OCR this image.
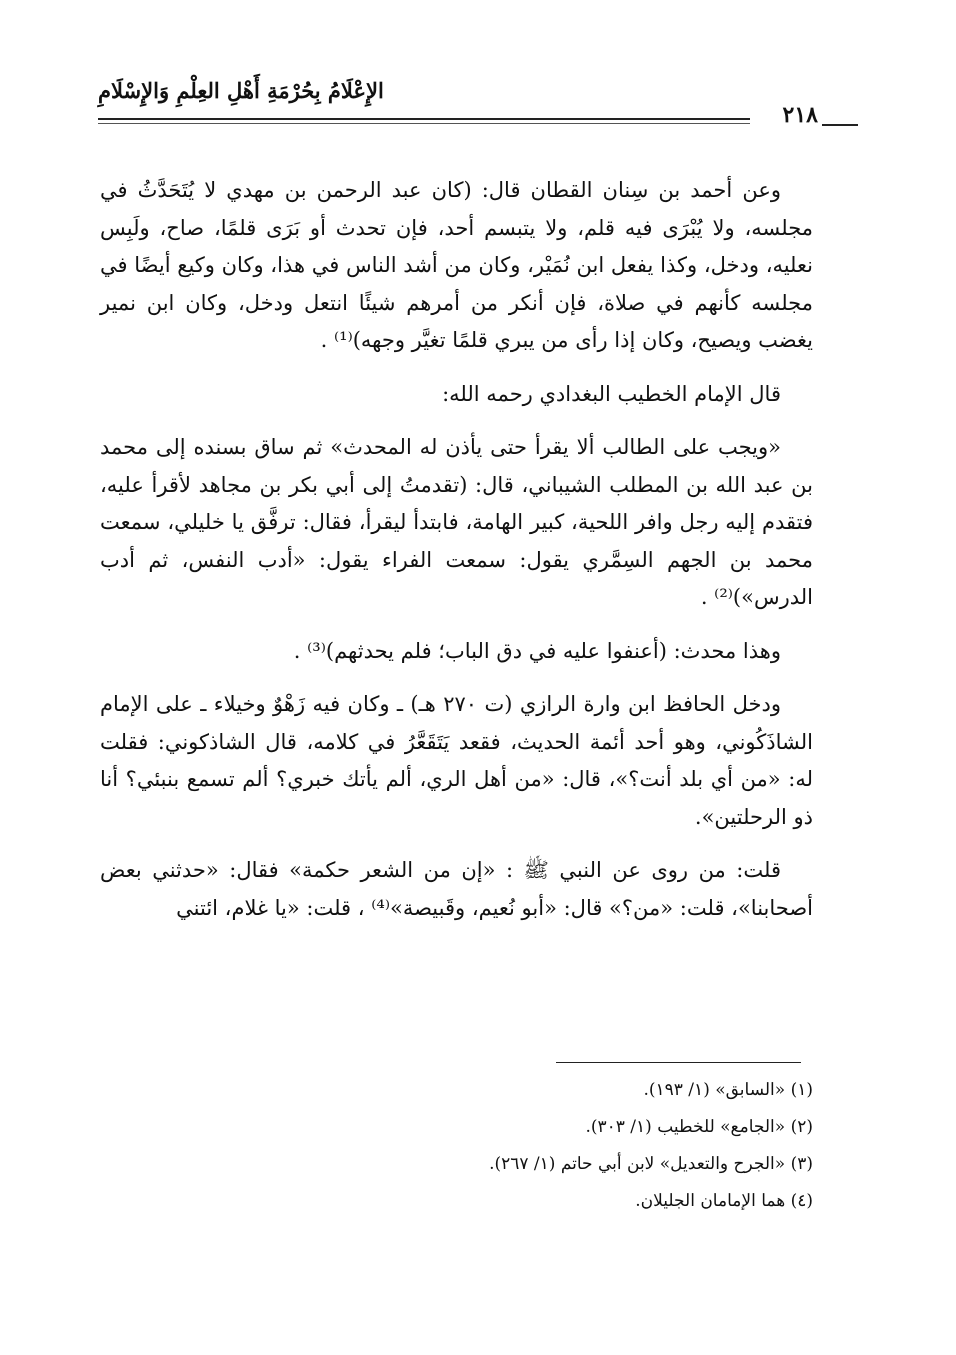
الإِعْلَامُ بِحُرْمَةِ أَهْلِ العِلْمِ وَالإِسْلَامِ
٢١٨

وعن أحمد بن سِنان القطان قال: (كان عبد الرحمن بن مهدي لا يُتَحَدَّثُ في مجلسه، ولا يُبْرَى فيه قلم، ولا يتبسم أحد، فإن تحدث أو بَرَى قلمًا، صاح، ولَبِس نعليه، ودخل، وكذا يفعل ابن نُمَيْر، وكان من أشد الناس في هذا، وكان وكيع أيضًا في مجلسه كأنهم في صلاة، فإن أنكر من أمرهم شيئًا انتعل ودخل، وكان ابن نمير يغضب ويصيح، وكان إذا رأى من يبري قلمًا تغيَّر وجهه)⁽¹⁾ .

قال الإمام الخطيب البغدادي رحمه الله:

«ويجب على الطالب ألا يقرأ حتى يأذن له المحدث» ثم ساق بسنده إلى محمد بن عبد الله بن المطلب الشيباني، قال: (تقدمتُ إلى أبي بكر بن مجاهد لأقرأ عليه، فتقدم إليه رجل وافر اللحية، كبير الهامة، فابتدأ ليقرأ، فقال: ترفَّق يا خليلي، سمعت محمد بن الجهم السِمَّري يقول: سمعت الفراء يقول: «أدب النفس، ثم أدب الدرس»)⁽²⁾ .

وهذا محدث: (أعنفوا عليه في دق الباب؛ فلم يحدثهم)⁽³⁾ .

ودخل الحافظ ابن وارة الرازي (ت ٢٧٠ هـ) ـ وكان فيه زَهْوٌ وخيلاء ـ على الإمام الشاذَكُوني، وهو أحد أئمة الحديث، فقعد يَتَقَعَّرُ في كلامه، قال الشاذكوني: فقلت له: «من أي بلد أنت؟»، قال: «من أهل الري، ألم يأتك خبري؟ ألم تسمع بنبئي؟ أنا ذو الرحلتين».

قلت: من روى عن النبي ﷺ : «إن من الشعر حكمة» فقال: «حدثني بعض أصحابنا»، قلت: «من؟» قال: «أبو نُعيم، وقَبيصة»⁽⁴⁾ ، قلت: «يا غلام، ائتني

(١) «السابق» (١/ ١٩٣).
(٢) «الجامع» للخطيب (١/ ٣٠٣).
(٣) «الجرح والتعديل» لابن أبي حاتم (١/ ٢٦٧).
(٤) هما الإمامان الجليلان.
